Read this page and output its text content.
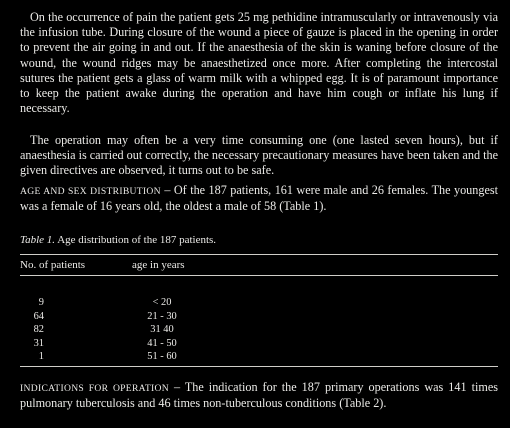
On the occurrence of pain the patient gets 25 mg pethidine intramuscularly or intravenously via the infusion tube. During closure of the wound a piece of gauze is placed in the opening in order to prevent the air going in and out. If the anaesthesia of the skin is waning before closure of the wound, the wound ridges may be anaesthetized once more. After completing the intercostal sutures the patient gets a glass of warm milk with a whipped egg. It is of paramount importance to keep the patient awake during the operation and have him cough or inflate his lung if necessary.

The operation may often be a very time consuming one (one lasted seven hours), but if anaesthesia is carried out correctly, the necessary precautionary measures have been taken and the given directives are observed, it turns out to be safe.

AGE AND SEX DISTRIBUTION – Of the 187 patients, 161 were male and 26 females. The youngest was a female of 16 years old, the oldest a male of 58 (Table 1).

Table 1. Age distribution of the 187 patients.

No. of patients	age in years

9	< 20
64	21 - 30
82	31 40
31	41 - 50
1	51 - 60

INDICATIONS FOR OPERATION – The indication for the 187 primary operations was 141 times pulmonary tuberculosis and 46 times non-tuberculous conditions (Table 2).
